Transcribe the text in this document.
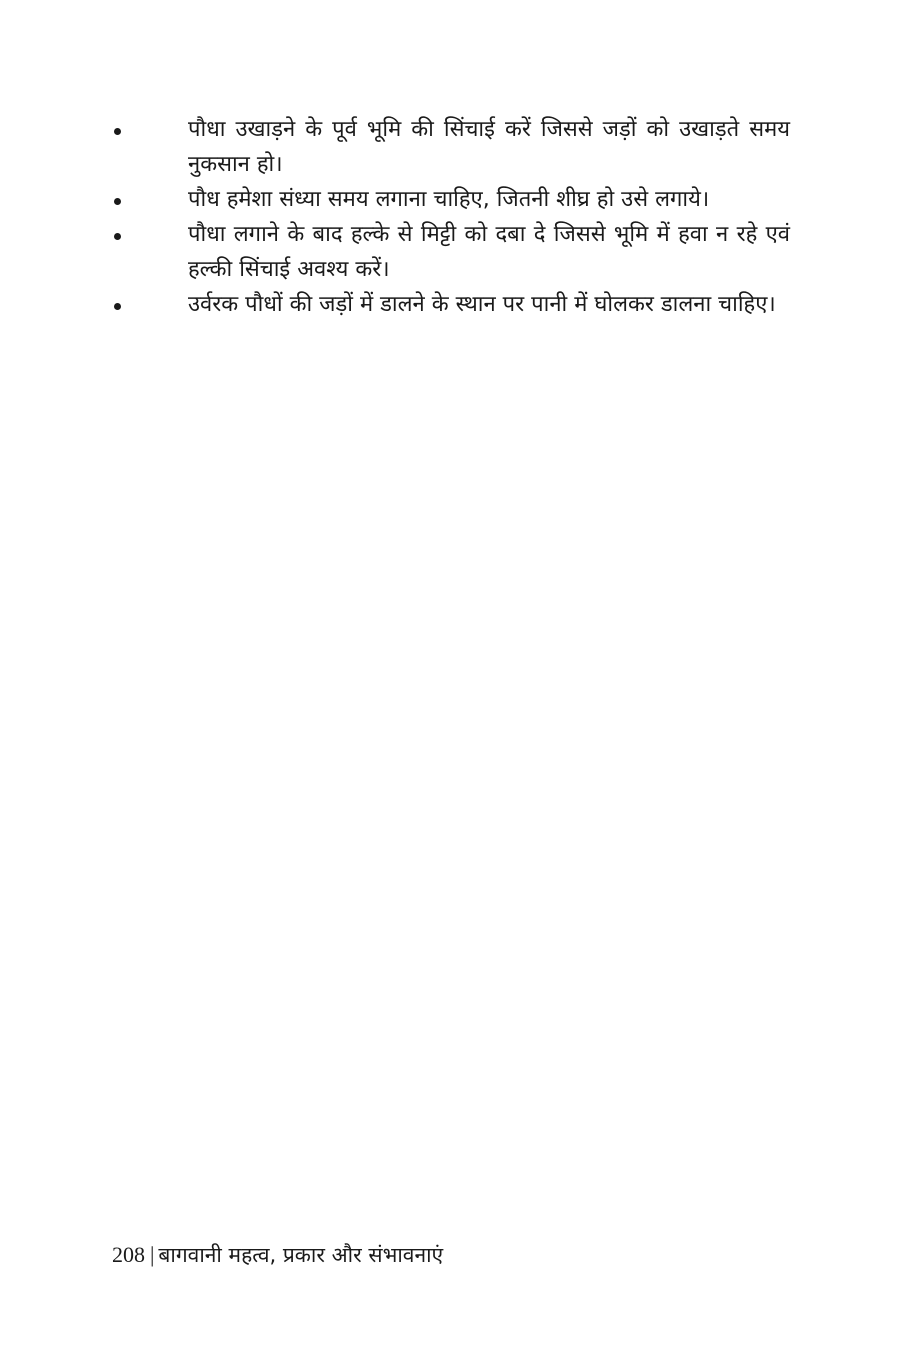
पौधा उखाड़ने के पूर्व भूमि की सिंचाई करें जिससे जड़ों को उखाड़ते समय नुकसान हो।
पौध हमेशा संध्या समय लगाना चाहिए, जितनी शीघ्र हो उसे लगाये।
पौधा लगाने के बाद हल्के से मिट्टी को दबा दे जिससे भूमि में हवा न रहे एवं हल्की सिंचाई अवश्य करें।
उर्वरक पौधों की जड़ों में डालने के स्थान पर पानी में घोलकर डालना चाहिए।
208 | बागवानी महत्व, प्रकार और संभावनाएं
